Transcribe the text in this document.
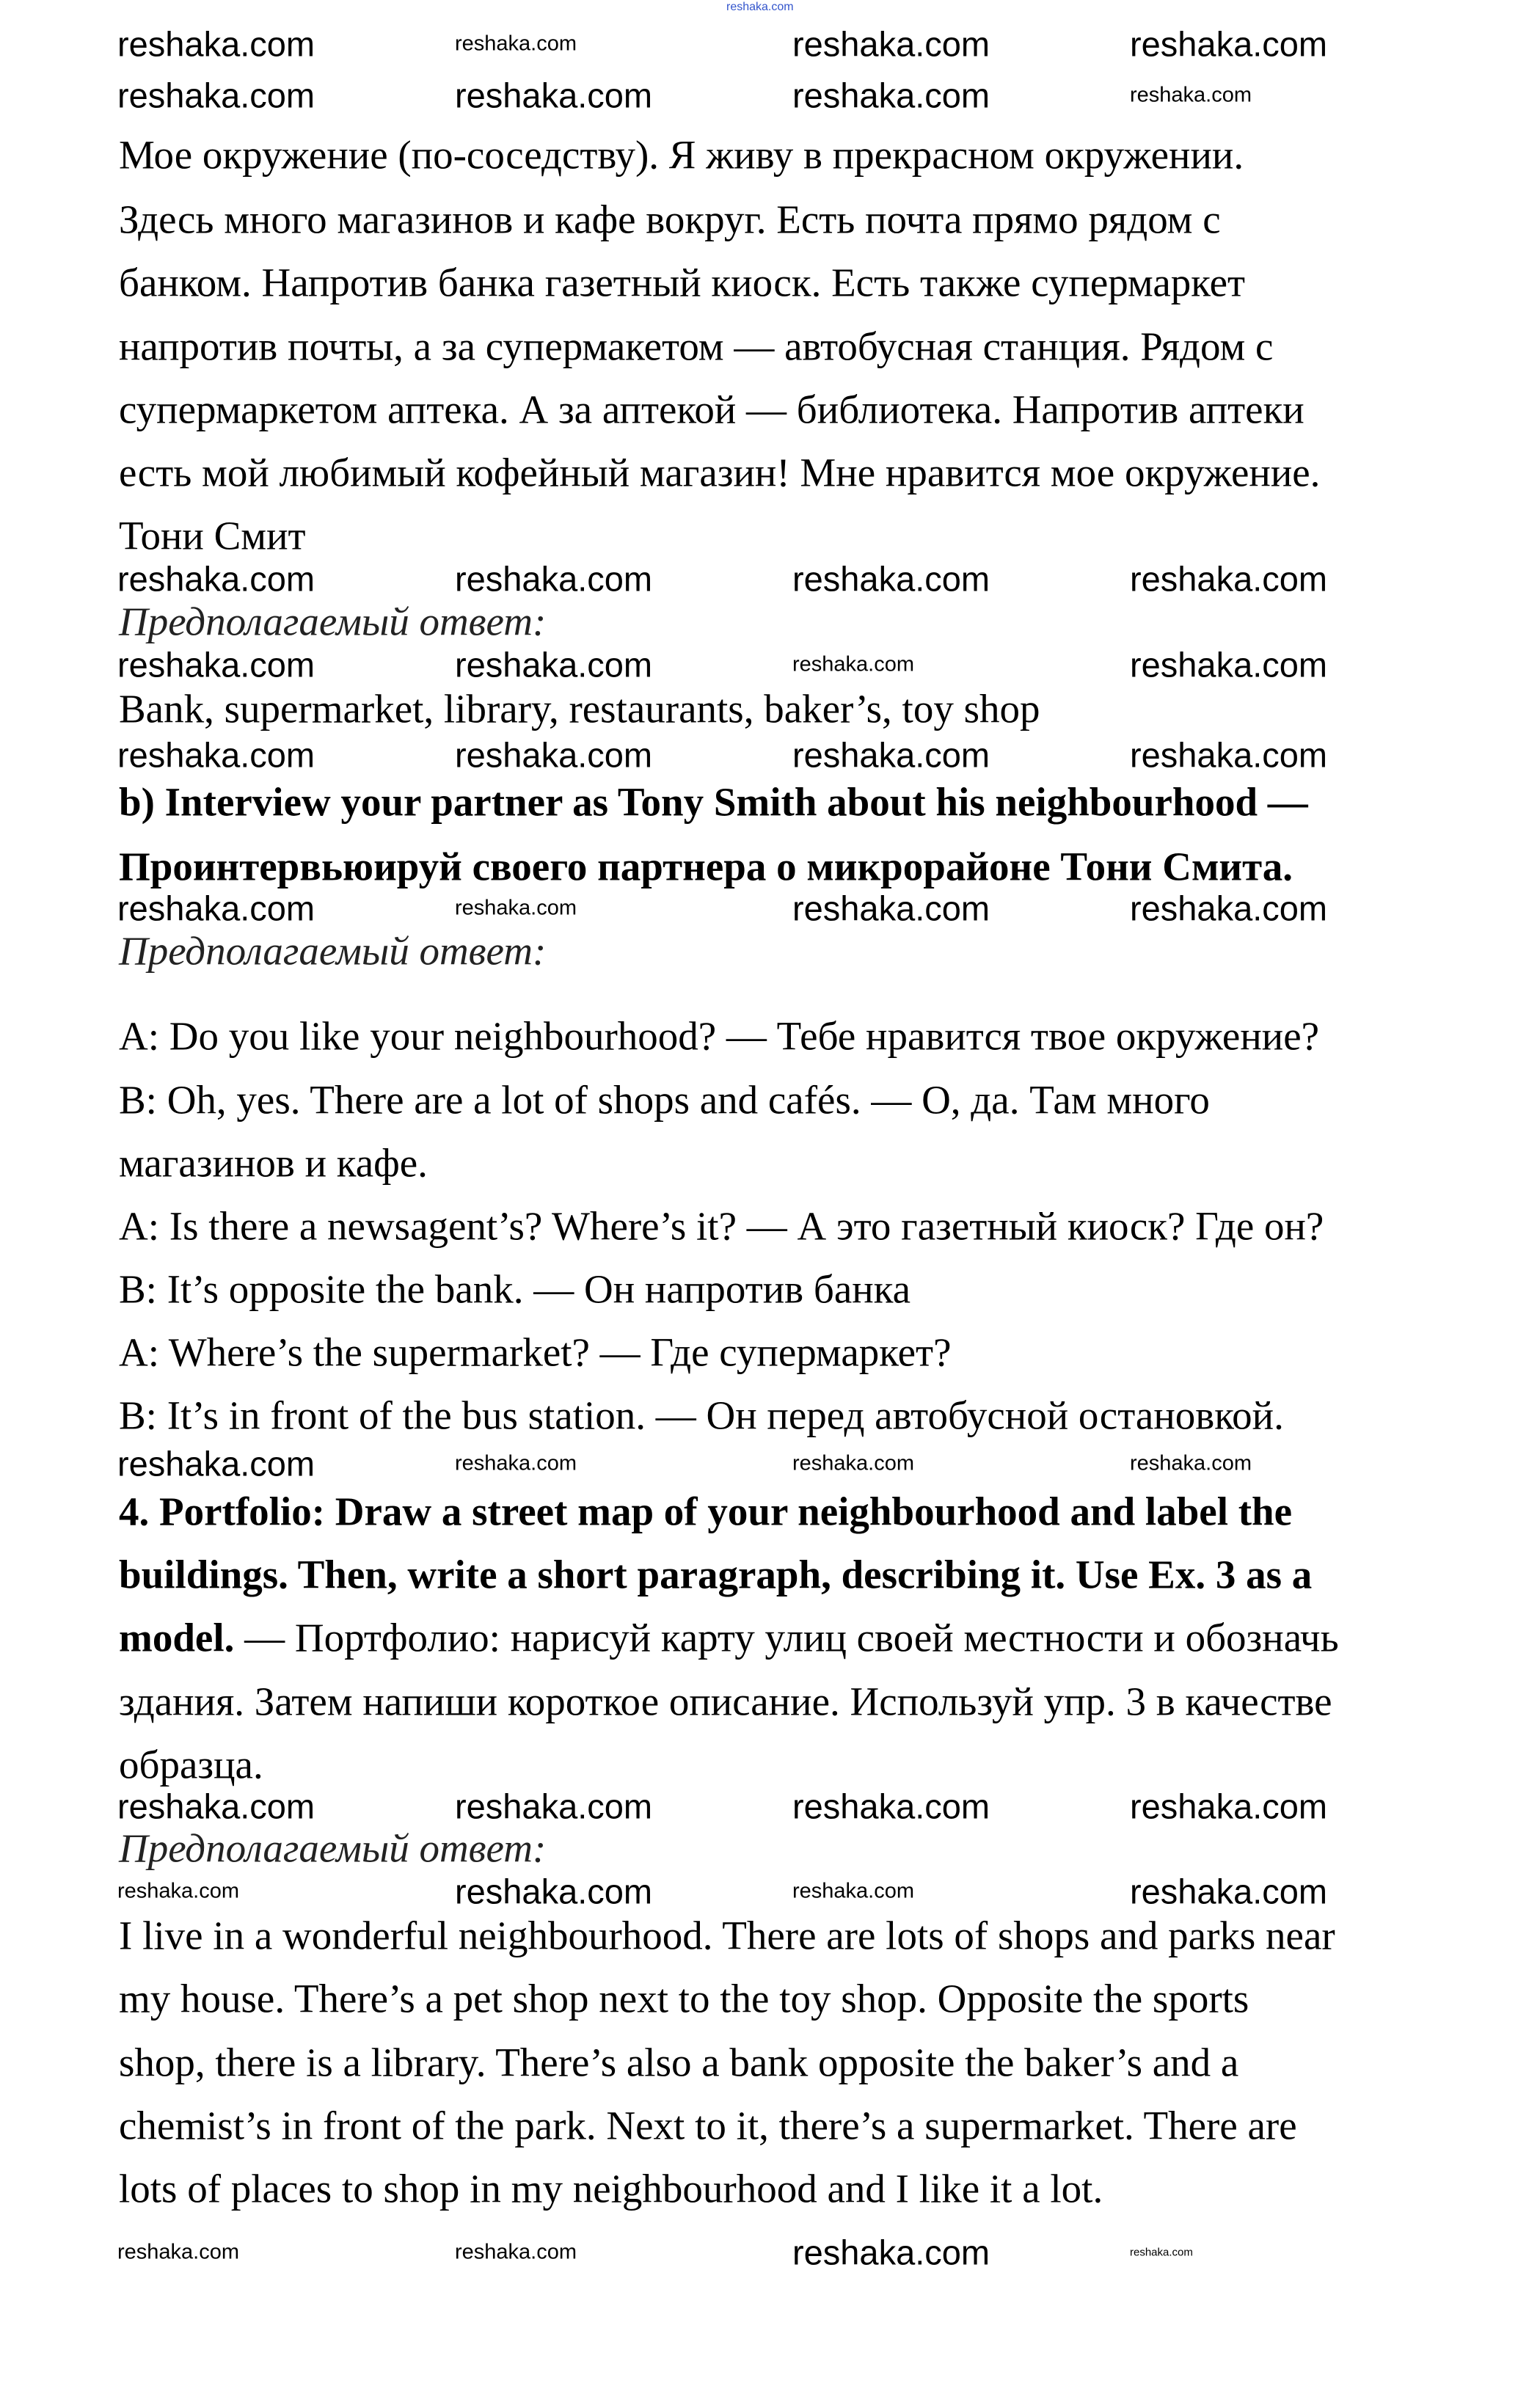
reshaka.com
Мое окружение (по-соседству). Я живу в прекрасном окружении.
Здесь много магазинов и кафе вокруг. Есть почта прямо рядом с
банком. Напротив банка газетный киоск. Есть также супермаркет
напротив почты, а за супермакетом — автобусная станция. Рядом с
супермаркетом аптека. А за аптекой — библиотека. Напротив аптеки
есть мой любимый кофейный магазин! Мне нравится мое окружение.
Тони Смит
Предполагаемый ответ:
Bank, supermarket, library, restaurants, baker’s, toy shop
b) Interview your partner as Tony Smith about his neighbourhood —
Проинтервьюируй своего партнера о микрорайоне Тони Смита.
Предполагаемый ответ:
A: Do you like your neighbourhood? — Тебе нравится твое окружение?
B: Oh, yes. There are a lot of shops and cafés. — О, да. Там много
магазинов и кафе.
A: Is there a newsagent’s? Where’s it? — А это газетный киоск? Где он?
B: It’s opposite the bank. — Он напротив банка
A: Where’s the supermarket? — Где супермаркет?
B: It’s in front of the bus station. — Он перед автобусной остановкой.
4. Portfolio: Draw a street map of your neighbourhood and label the
buildings. Then, write a short paragraph, describing it. Use Ex. 3 as a
model. — Портфолио: нарисуй карту улиц своей местности и обозначь
здания. Затем напиши короткое описание. Используй упр. 3 в качестве
образца.
Предполагаемый ответ:
I live in a wonderful neighbourhood. There are lots of shops and parks near
my house. There’s a pet shop next to the toy shop. Opposite the sports
shop, there is a library. There’s also a bank opposite the baker’s and a
chemist’s in front of the park. Next to it, there’s a supermarket. There are
lots of places to shop in my neighbourhood and I like it a lot.
reshaka.com	reshaka.com	reshaka.com	reshaka.com
reshaka.com	reshaka.com	reshaka.com	reshaka.com
reshaka.com	reshaka.com	reshaka.com	reshaka.com
reshaka.com	reshaka.com	reshaka.com	reshaka.com
reshaka.com	reshaka.com	reshaka.com	reshaka.com
reshaka.com	reshaka.com	reshaka.com	reshaka.com
reshaka.com	reshaka.com	reshaka.com	reshaka.com
reshaka.com	reshaka.com	reshaka.com	reshaka.com
reshaka.com	reshaka.com	reshaka.com	reshaka.com
reshaka.com	reshaka.com	reshaka.com	reshaka.com
